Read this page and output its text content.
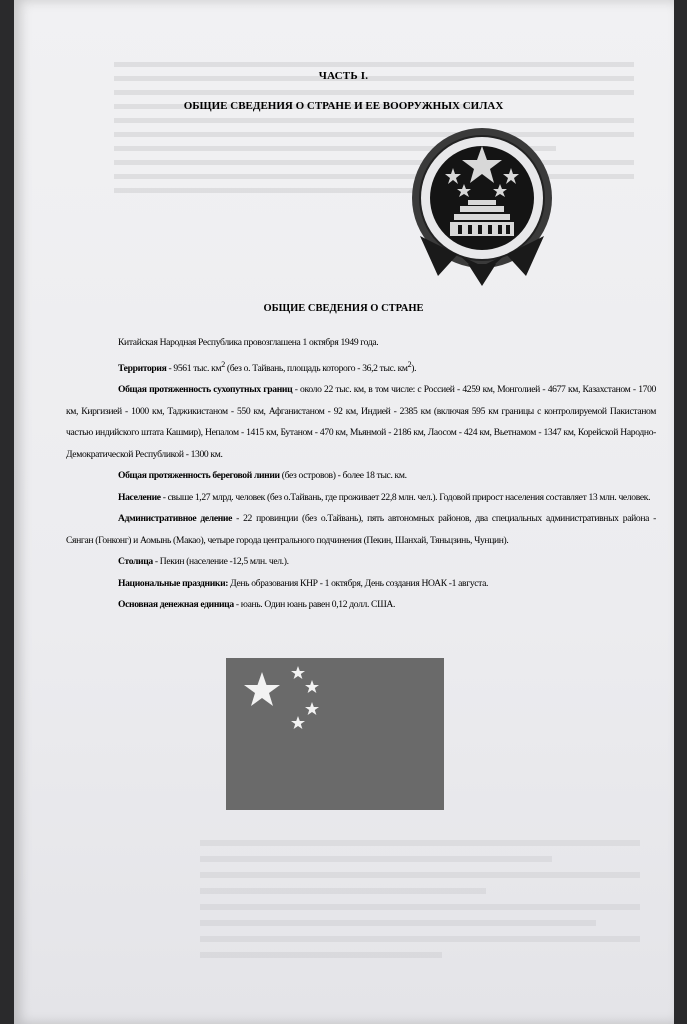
ЧАСТЬ I.
ОБЩИЕ СВЕДЕНИЯ О СТРАНЕ И ЕЕ ВООРУЖНЫХ СИЛАХ
ОБЩИЕ СВЕДЕНИЯ О СТРАНЕ

Китайская Народная Республика провозглашена 1 октября 1949 года.

Территория - 9561 тыс. $км^2$ (без о. Тайвань, площадь которого - 36,2 тыс. $км^2$).

Общая протяженность сухопутных границ - около 22 тыс. км, в том числе: с Россией - 4259 км, Монголией - 4677 км, Казахстаном - 1700 км, Киргизией - 1000 км, Таджикистаном - 550 км, Афганистаном - 92 км, Индией - 2385 км (включая 595 км границы с контролируемой Пакистаном частью индийского штата Кашмир), Непалом - 1415 км, Бутаном - 470 км, Мьянмой - 2186 км, Лаосом - 424 км, Вьетнамом - 1347 км, Корейской Народно-Демократической Республикой - 1300 км.

Общая протяженность береговой линии (без островов) - более 18 тыс. км.

Население - свыше 1,27 млрд. человек (без о.Тайвань, где проживает 22,8 млн. чел.). Годовой прирост населения составляет 13 млн. человек.

Административное деление - 22 провинции (без о.Тайвань), пять автономных районов, два специальных административных района - Сянган (Гонконг) и Аомынь (Макао), четыре города центрального подчинения (Пекин, Шанхай, Тяньцзинь, Чунцин).

Столица - Пекин (население -12,5 млн. чел.).

Национальные праздники: День образования КНР - 1 октября, День создания НОАК -1 августа.

Основная денежная единица - юань. Один юань равен 0,12 долл. США.
